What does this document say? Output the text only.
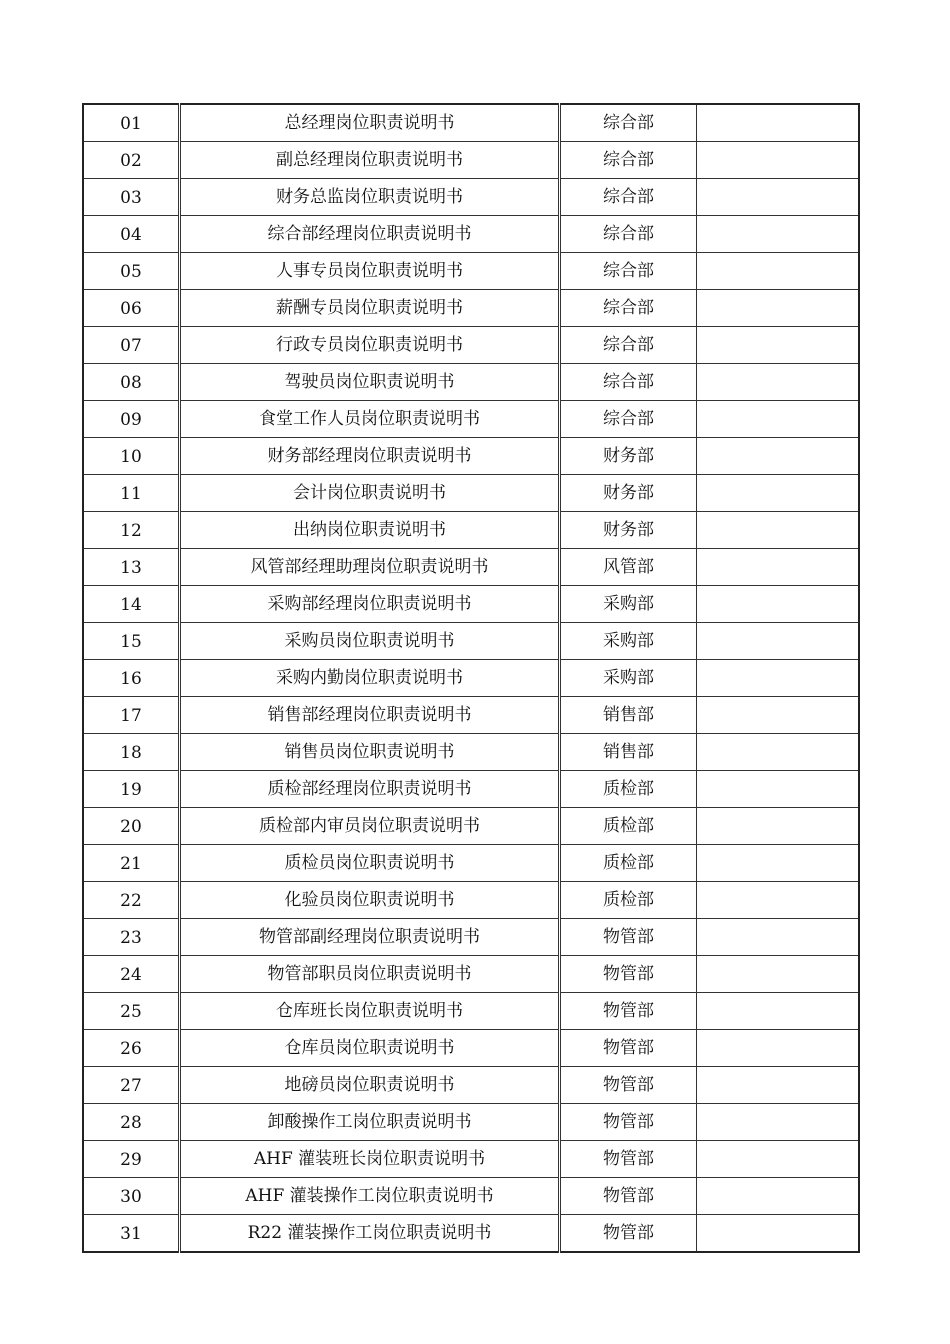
01	总经理岗位职责说明书	综合部	
02	副总经理岗位职责说明书	综合部	
03	财务总监岗位职责说明书	综合部	
04	综合部经理岗位职责说明书	综合部	
05	人事专员岗位职责说明书	综合部	
06	薪酬专员岗位职责说明书	综合部	
07	行政专员岗位职责说明书	综合部	
08	驾驶员岗位职责说明书	综合部	
09	食堂工作人员岗位职责说明书	综合部	
10	财务部经理岗位职责说明书	财务部	
11	会计岗位职责说明书	财务部	
12	出纳岗位职责说明书	财务部	
13	风管部经理助理岗位职责说明书	风管部	
14	采购部经理岗位职责说明书	采购部	
15	采购员岗位职责说明书	采购部	
16	采购内勤岗位职责说明书	采购部	
17	销售部经理岗位职责说明书	销售部	
18	销售员岗位职责说明书	销售部	
19	质检部经理岗位职责说明书	质检部	
20	质检部内审员岗位职责说明书	质检部	
21	质检员岗位职责说明书	质检部	
22	化验员岗位职责说明书	质检部	
23	物管部副经理岗位职责说明书	物管部	
24	物管部职员岗位职责说明书	物管部	
25	仓库班长岗位职责说明书	物管部	
26	仓库员岗位职责说明书	物管部	
27	地磅员岗位职责说明书	物管部	
28	卸酸操作工岗位职责说明书	物管部	
29	AHF 灌装班长岗位职责说明书	物管部	
30	AHF 灌装操作工岗位职责说明书	物管部	
31	R22 灌装操作工岗位职责说明书	物管部	
